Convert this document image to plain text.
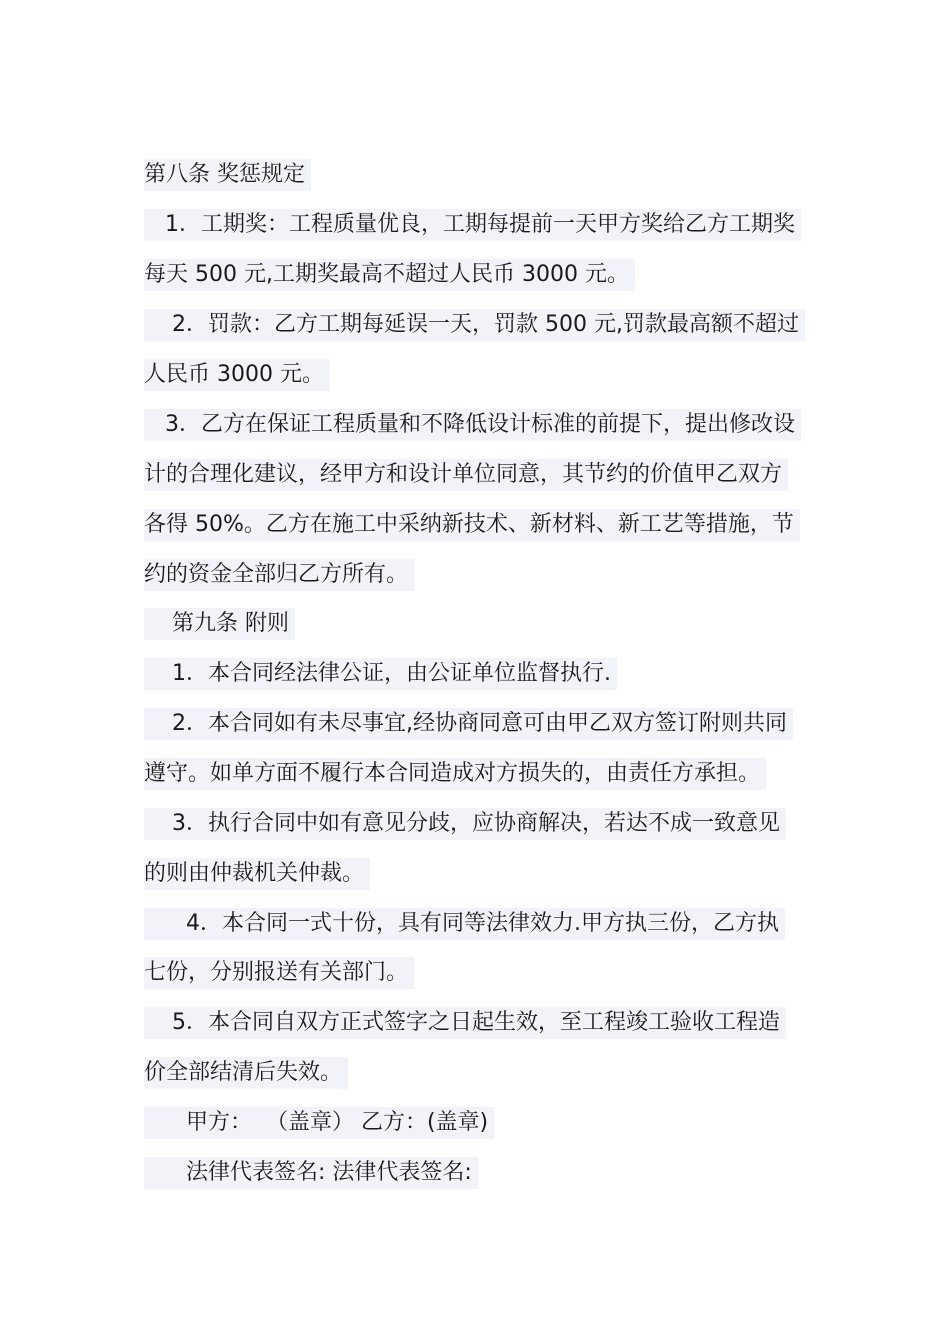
第八条 奖惩规定
1．工期奖：工程质量优良，工期每提前一天甲方奖给乙方工期奖
每天 500 元,工期奖最高不超过人民币 3000 元。
2．罚款：乙方工期每延误一天，罚款 500 元,罚款最高额不超过
人民币 3000 元。
3．乙方在保证工程质量和不降低设计标准的前提下，提出修改设
计的合理化建议，经甲方和设计单位同意，其节约的价值甲乙双方
各得 50%。乙方在施工中采纳新技术、新材料、新工艺等措施，节
约的资金全部归乙方所有。
第九条 附则
1．本合同经法律公证，由公证单位监督执行.
2．本合同如有未尽事宜,经协商同意可由甲乙双方签订附则共同
遵守。如单方面不履行本合同造成对方损失的，由责任方承担。
3．执行合同中如有意见分歧，应协商解决，若达不成一致意见
的则由仲裁机关仲裁。
4．本合同一式十份，具有同等法律效力.甲方执三份，乙方执
七份，分别报送有关部门。
5．本合同自双方正式签字之日起生效，至工程竣工验收工程造
价全部结清后失效。
甲方：  （盖章） 乙方：(盖章)
法律代表签名: 法律代表签名:
